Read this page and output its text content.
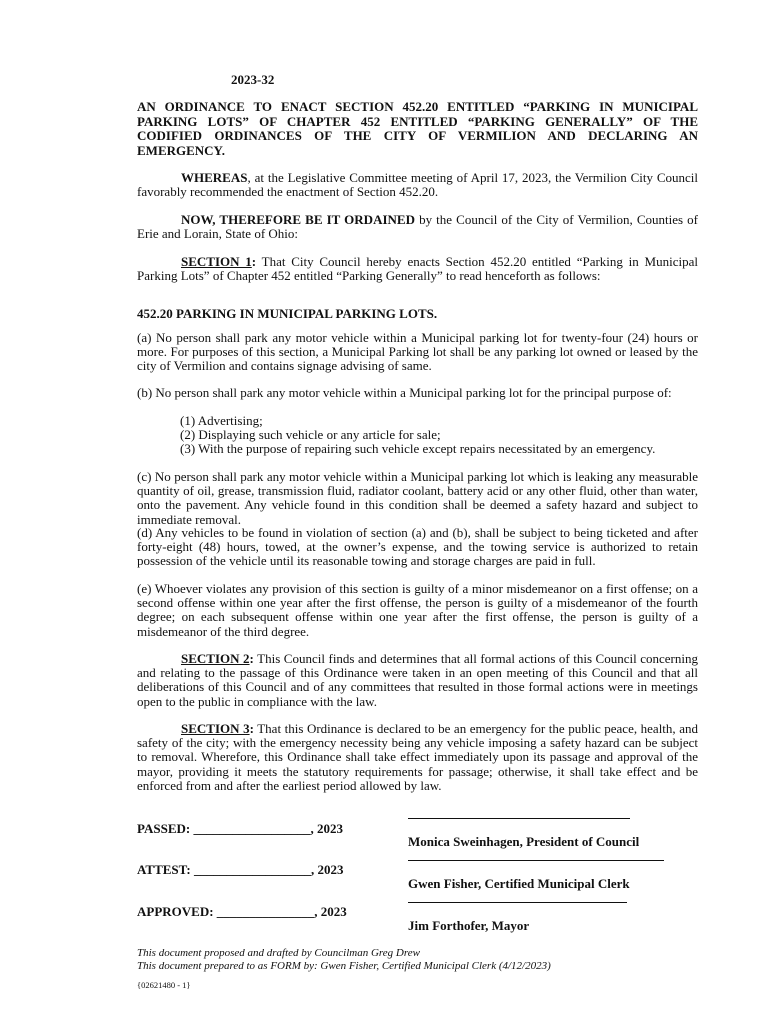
2023-32
AN ORDINANCE TO ENACT SECTION 452.20 ENTITLED “PARKING IN MUNICIPAL PARKING LOTS” OF CHAPTER 452 ENTITLED “PARKING GENERALLY” OF THE CODIFIED ORDINANCES OF THE CITY OF VERMILION AND DECLARING AN EMERGENCY.

WHEREAS, at the Legislative Committee meeting of April 17, 2023, the Vermilion City Council favorably recommended the enactment of Section 452.20.

NOW, THEREFORE BE IT ORDAINED by the Council of the City of Vermilion, Counties of Erie and Lorain, State of Ohio:

SECTION 1: That City Council hereby enacts Section 452.20 entitled “Parking in Municipal Parking Lots” of Chapter 452 entitled “Parking Generally” to read henceforth as follows:

452.20 PARKING IN MUNICIPAL PARKING LOTS.

(a) No person shall park any motor vehicle within a Municipal parking lot for twenty-four (24) hours or more. For purposes of this section, a Municipal Parking lot shall be any parking lot owned or leased by the city of Vermilion and contains signage advising of same.

(b) No person shall park any motor vehicle within a Municipal parking lot for the principal purpose of:

(1) Advertising;
(2) Displaying such vehicle or any article for sale;
(3) With the purpose of repairing such vehicle except repairs necessitated by an emergency.

(c) No person shall park any motor vehicle within a Municipal parking lot which is leaking any measurable quantity of oil, grease, transmission fluid, radiator coolant, battery acid or any other fluid, other than water, onto the pavement. Any vehicle found in this condition shall be deemed a safety hazard and subject to immediate removal.

(d) Any vehicles to be found in violation of section (a) and (b), shall be subject to being ticketed and after forty-eight (48) hours, towed, at the owner’s expense, and the towing service is authorized to retain possession of the vehicle until its reasonable towing and storage charges are paid in full.

(e) Whoever violates any provision of this section is guilty of a minor misdemeanor on a first offense; on a second offense within one year after the first offense, the person is guilty of a misdemeanor of the fourth degree; on each subsequent offense within one year after the first offense, the person is guilty of a misdemeanor of the third degree.

SECTION 2: This Council finds and determines that all formal actions of this Council concerning and relating to the passage of this Ordinance were taken in an open meeting of this Council and that all deliberations of this Council and of any committees that resulted in those formal actions were in meetings open to the public in compliance with the law.

SECTION 3: That this Ordinance is declared to be an emergency for the public peace, health, and safety of the city; with the emergency necessity being any vehicle imposing a safety hazard can be subject to removal. Wherefore, this Ordinance shall take effect immediately upon its passage and approval of the mayor, providing it meets the statutory requirements for passage; otherwise, it shall take effect and be enforced from and after the earliest period allowed by law.

PASSED: __________________, 2023
Monica Sweinhagen, President of Council
ATTEST: __________________, 2023
Gwen Fisher, Certified Municipal Clerk
APPROVED: _______________, 2023
Jim Forthofer, Mayor
This document proposed and drafted by Councilman Greg Drew
This document prepared to as FORM by: Gwen Fisher, Certified Municipal Clerk (4/12/2023)
{02621480 - 1}
